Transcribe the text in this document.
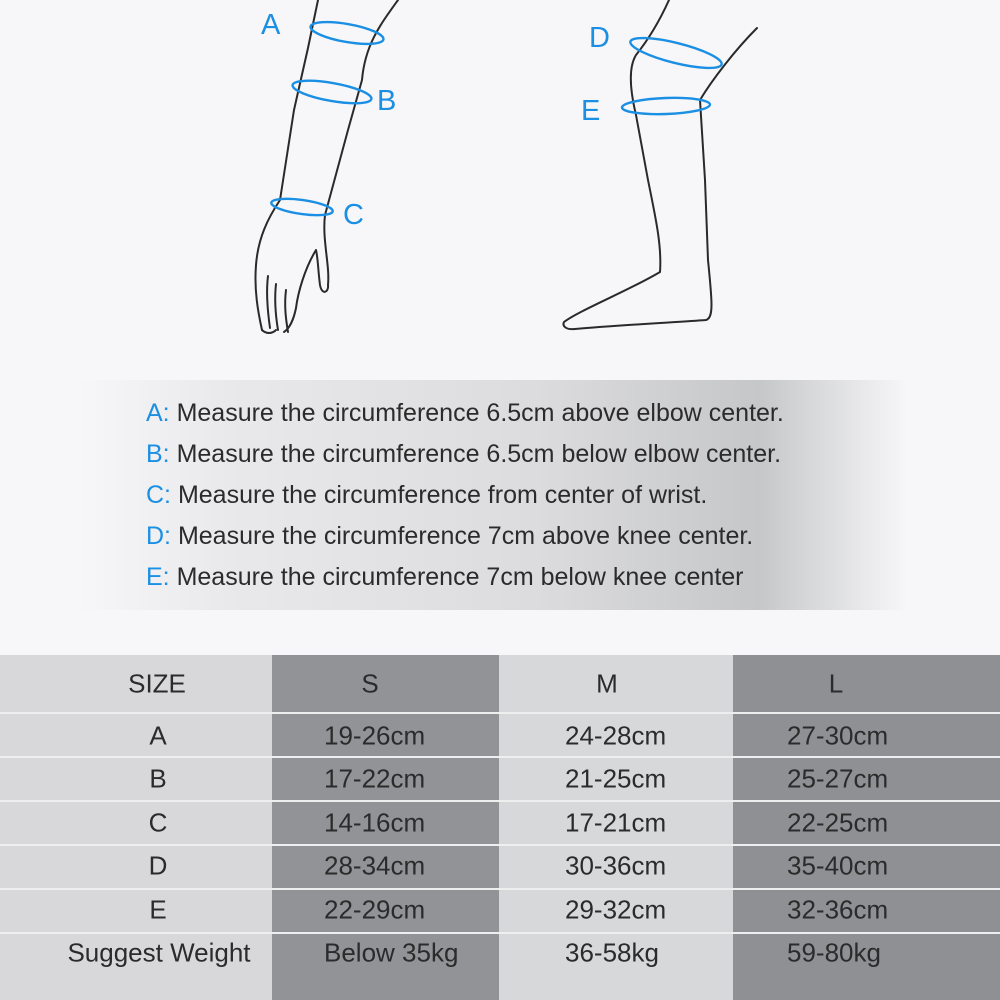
A
B
C
D
E
A: Measure the circumference 6.5cm above elbow center.
B: Measure the circumference 6.5cm below elbow center.
C: Measure the circumference from center of wrist.
D: Measure the circumference 7cm above knee center.
E: Measure the circumference 7cm below knee center
SIZE	S	M	L
A	19-26cm	24-28cm	27-30cm
B	17-22cm	21-25cm	25-27cm
C	14-16cm	17-21cm	22-25cm
D	28-34cm	30-36cm	35-40cm
E	22-29cm	29-32cm	32-36cm
Suggest Weight	Below 35kg	36-58kg	59-80kg
